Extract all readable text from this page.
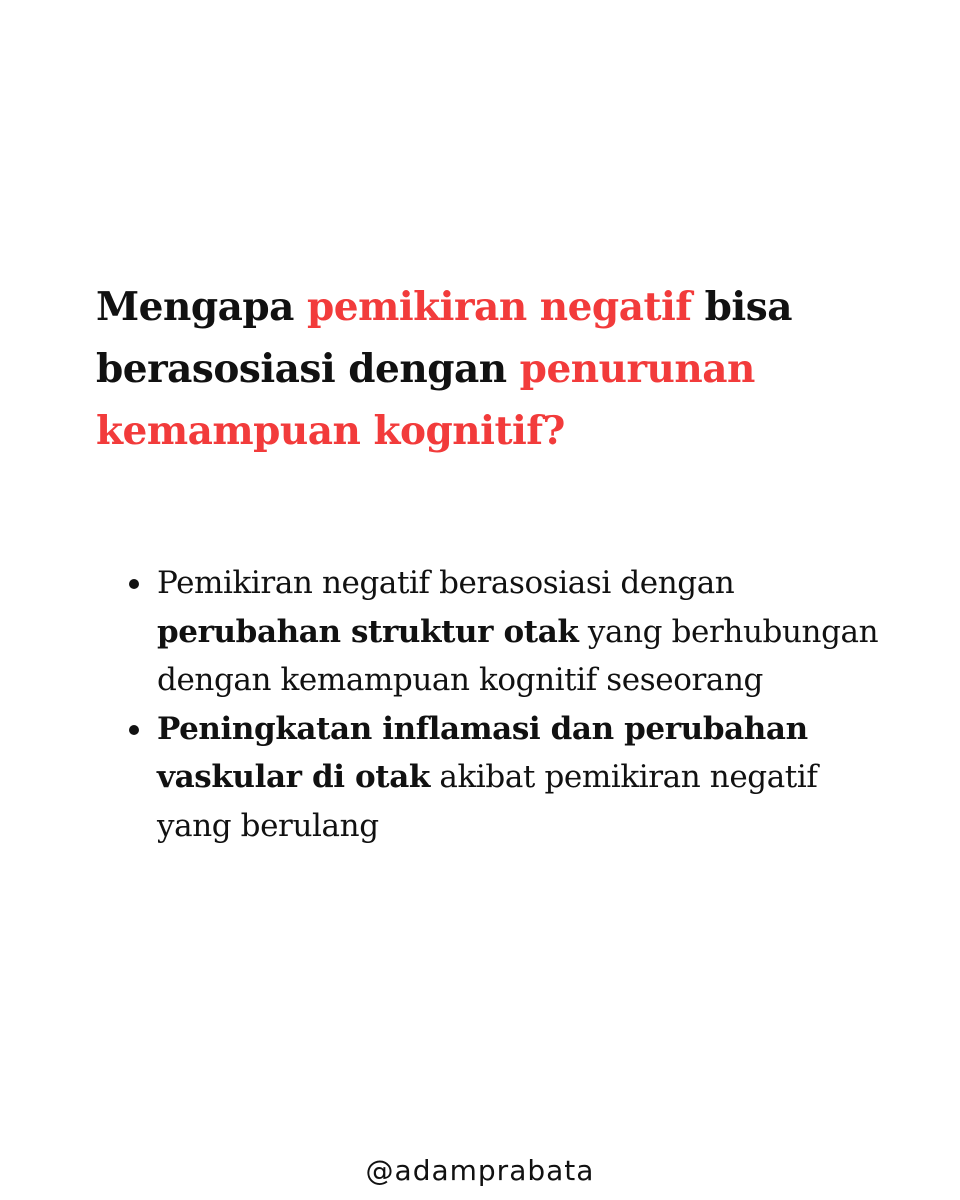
Mengapa pemikiran negatif bisa berasosiasi dengan penurunan kemampuan kognitif?
Pemikiran negatif berasosiasi dengan perubahan struktur otak yang berhubungan dengan kemampuan kognitif seseorang
Peningkatan inflamasi dan perubahan vaskular di otak akibat pemikiran negatif yang berulang
@adamprabata
